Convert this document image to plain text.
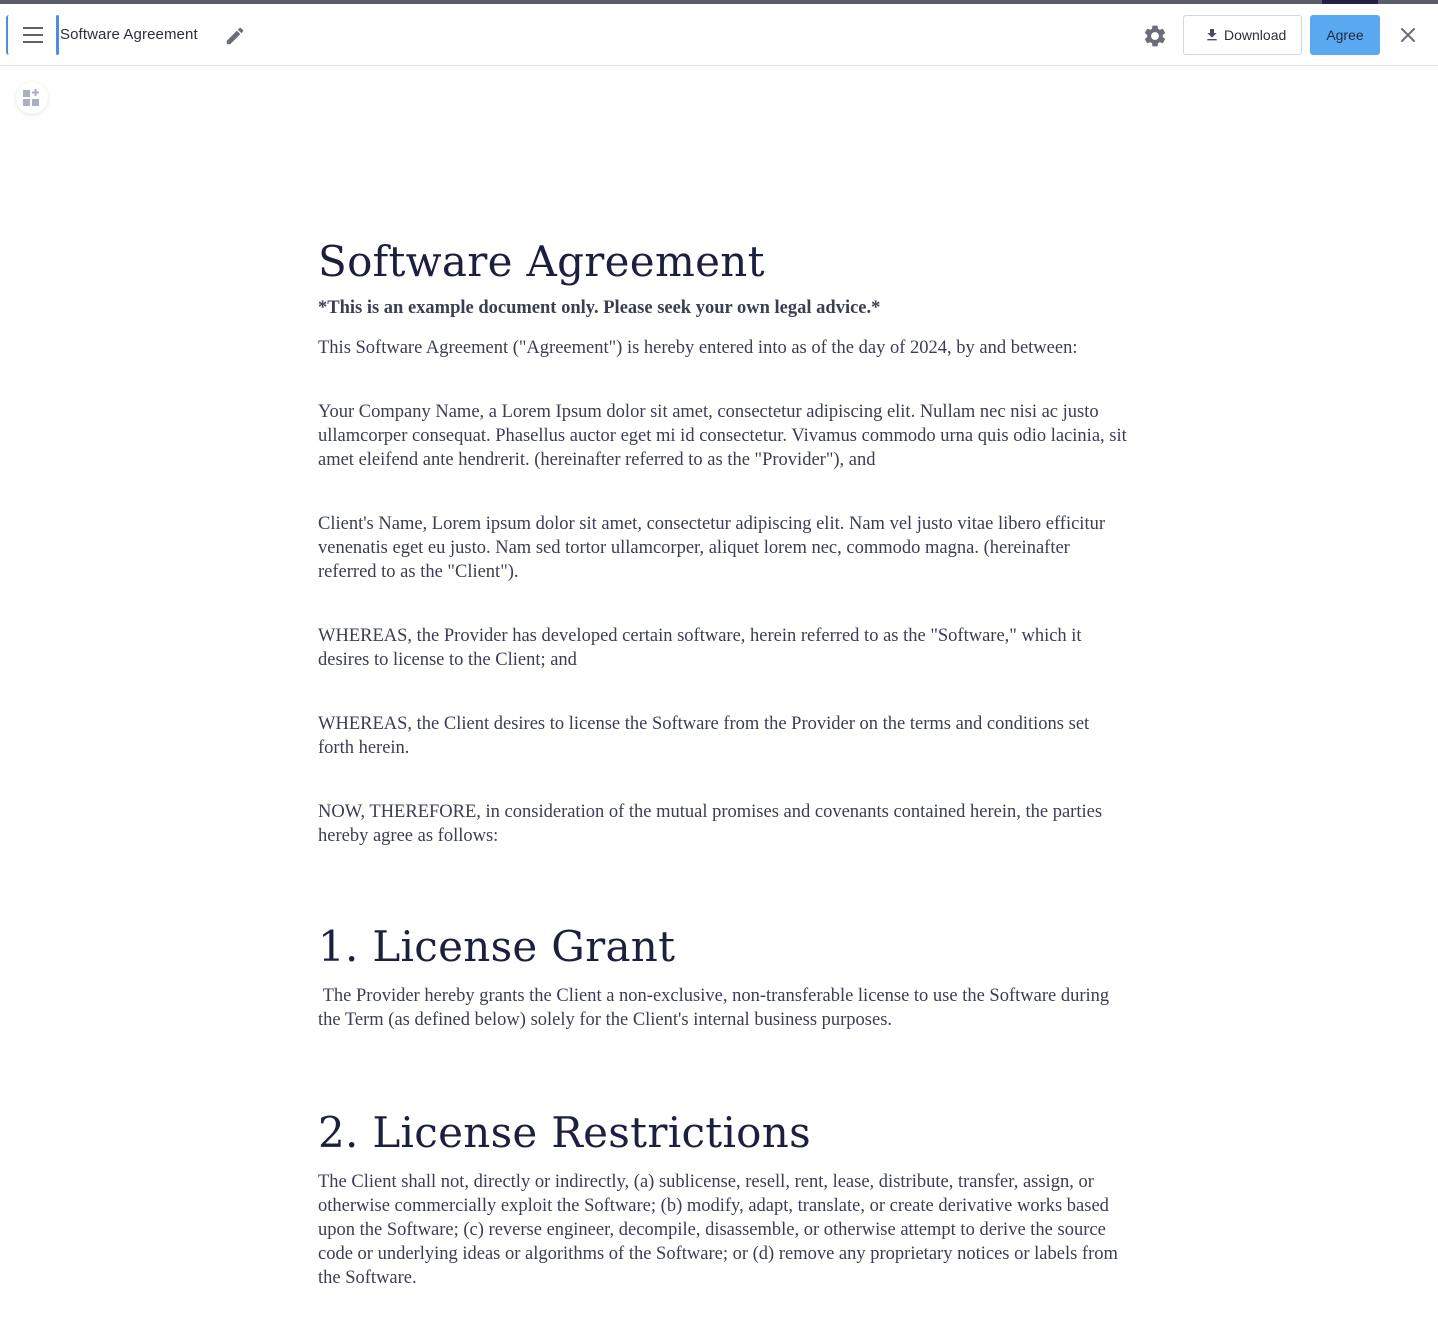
Software Agreement	Download	Agree
Software Agreement
*This is an example document only. Please seek your own legal advice.*

This Software Agreement ("Agreement") is hereby entered into as of the day of 2024, by and between:

Your Company Name, a Lorem Ipsum dolor sit amet, consectetur adipiscing elit. Nullam nec nisi ac justo ullamcorper consequat. Phasellus auctor eget mi id consectetur. Vivamus commodo urna quis odio lacinia, sit amet eleifend ante hendrerit. (hereinafter referred to as the "Provider"), and

Client's Name, Lorem ipsum dolor sit amet, consectetur adipiscing elit. Nam vel justo vitae libero efficitur venenatis eget eu justo. Nam sed tortor ullamcorper, aliquet lorem nec, commodo magna. (hereinafter referred to as the "Client").

WHEREAS, the Provider has developed certain software, herein referred to as the "Software," which it desires to license to the Client; and

WHEREAS, the Client desires to license the Software from the Provider on the terms and conditions set forth herein.

NOW, THEREFORE, in consideration of the mutual promises and covenants contained herein, the parties hereby agree as follows:

1. License Grant

The Provider hereby grants the Client a non-exclusive, non-transferable license to use the Software during the Term (as defined below) solely for the Client's internal business purposes.

2. License Restrictions

The Client shall not, directly or indirectly, (a) sublicense, resell, rent, lease, distribute, transfer, assign, or otherwise commercially exploit the Software; (b) modify, adapt, translate, or create derivative works based upon the Software; (c) reverse engineer, decompile, disassemble, or otherwise attempt to derive the source code or underlying ideas or algorithms of the Software; or (d) remove any proprietary notices or labels from the Software.
